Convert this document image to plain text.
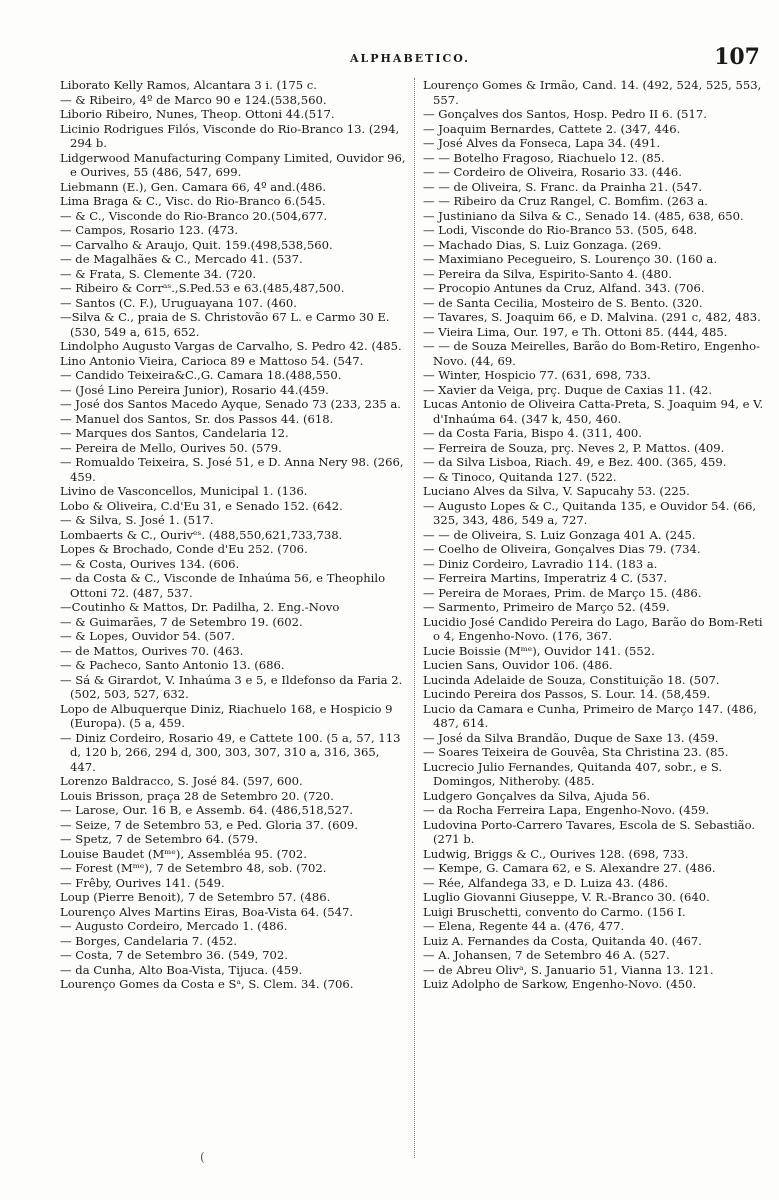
ALPHABETICO.	107

Liborato Kelly Ramos, Alcantara 3 i. (175 c.

— & Ribeiro, 4º de Marco 90 e 124.(538,560.

Liborio Ribeiro, Nunes, Theop. Ottoni 44.(517.

Licinio Rodrigues Filós, Visconde do Rio-Branco 13. (294, 294 b.

Lidgerwood Manufacturing Company Limited, Ouvidor 96, e Ourives, 55 (486, 547, 699.

Liebmann (E.), Gen. Camara 66, 4º and.(486.

Lima Braga & C., Visc. do Rio-Branco 6.(545.

— & C., Visconde do Rio-Branco 20.(504,677.

— Campos, Rosario 123. (473.

— Carvalho & Araujo, Quit. 159.(498,538,560.

— de Magalhães & C., Mercado 41. (537.

— & Frata, S. Clemente 34. (720.

— Ribeiro & Corrᵃˢ.,S.Ped.53 e 63.(485,487,500.

— Santos (C. F.), Uruguayana 107. (460.

—Silva & C., praia de S. Christovão 67 L. e Carmo 30 E. (530, 549 a, 615, 652.

Lindolpho Augusto Vargas de Carvalho, S. Pedro 42. (485.

Lino Antonio Vieira, Carioca 89 e Mattoso 54. (547.

— Candido Teixeira&C.,G. Camara 18.(488,550.

— (José Lino Pereira Junior), Rosario 44.(459.

— José dos Santos Macedo Ayque, Senado 73 (233, 235 a.

— Manuel dos Santos, Sr. dos Passos 44. (618.

— Marques dos Santos, Candelaria 12.

— Pereira de Mello, Ourives 50. (579.

— Romualdo Teixeira, S. José 51, e D. Anna Nery 98. (266, 459.

Livino de Vasconcellos, Municipal 1. (136.

Lobo & Oliveira, C.d'Eu 31, e Senado 152. (642.

— & Silva, S. José 1. (517.

Lombaerts & C., Ourivᵉˢ. (488,550,621,733,738.

Lopes & Brochado, Conde d'Eu 252. (706.

— & Costa, Ourives 134. (606.

— da Costa & C., Visconde de Inhaúma 56, e Theophilo Ottoni 72. (487, 537.

—Coutinho & Mattos, Dr. Padilha, 2. Eng.-Novo

— & Guimarães, 7 de Setembro 19. (602.

— & Lopes, Ouvidor 54. (507.

— de Mattos, Ourives 70. (463.

— & Pacheco, Santo Antonio 13. (686.

— Sá & Girardot, V. Inhaúma 3 e 5, e Ildefonso da Faria 2. (502, 503, 527, 632.

Lopo de Albuquerque Diniz, Riachuelo 168, e Hospicio 9 (Europa). (5 a, 459.

— Diniz Cordeiro, Rosario 49, e Cattete 100. (5 a, 57, 113 d, 120 b, 266, 294 d, 300, 303, 307, 310 a, 316, 365, 447.

Lorenzo Baldracco, S. José 84. (597, 600.

Louis Brisson, praça 28 de Setembro 20. (720.

— Larose, Our. 16 B, e Assemb. 64. (486,518,527.

— Seize, 7 de Setembro 53, e Ped. Gloria 37. (609.

— Spetz, 7 de Setembro 64. (579.

Louise Baudet (Mᵐᵉ), Assembléa 95. (702.

— Forest (Mᵐᵉ), 7 de Setembro 48, sob. (702.

— Frêby, Ourives 141. (549.

Loup (Pierre Benoit), 7 de Setembro 57. (486.

Lourenço Alves Martins Eiras, Boa-Vista 64. (547.

— Augusto Cordeiro, Mercado 1. (486.

— Borges, Candelaria 7. (452.

— Costa, 7 de Setembro 36. (549, 702.

— da Cunha, Alto Boa-Vista, Tijuca. (459.

Lourenço Gomes da Costa e Sᵃ, S. Clem. 34. (706.

Lourenço Gomes & Irmão, Cand. 14. (492, 524, 525, 553, 557.

— Gonçalves dos Santos, Hosp. Pedro II 6. (517.

— Joaquim Bernardes, Cattete 2. (347, 446.

— José Alves da Fonseca, Lapa 34. (491.

— — Botelho Fragoso, Riachuelo 12. (85.

— — Cordeiro de Oliveira, Rosario 33. (446.

— — de Oliveira, S. Franc. da Prainha 21. (547.

— — Ribeiro da Cruz Rangel, C. Bomfim. (263 a.

— Justiniano da Silva & C., Senado 14. (485, 638, 650.

— Lodi, Visconde do Rio-Branco 53. (505, 648.

— Machado Dias, S. Luiz Gonzaga. (269.

— Maximiano Pecegueiro, S. Lourenço 30. (160 a.

— Pereira da Silva, Espirito-Santo 4. (480.

— Procopio Antunes da Cruz, Alfand. 343. (706.

— de Santa Cecilia, Mosteiro de S. Bento. (320.

— Tavares, S. Joaquim 66, e D. Malvina. (291 c, 482, 483.

— Vieira Lima, Our. 197, e Th. Ottoni 85. (444, 485.

— — de Souza Meirelles, Barão do Bom-Retiro, Engenho-Novo. (44, 69.

— Winter, Hospicio 77. (631, 698, 733.

— Xavier da Veiga, prç. Duque de Caxias 11. (42.

Lucas Antonio de Oliveira Catta-Preta, S. Joaquim 94, e V. d'Inhaúma 64. (347 k, 450, 460.

— da Costa Faria, Bispo 4. (311, 400.

— Ferreira de Souza, prç. Neves 2, P. Mattos. (409.

— da Silva Lisboa, Riach. 49, e Bez. 400. (365, 459.

— & Tinoco, Quitanda 127. (522.

Luciano Alves da Silva, V. Sapucahy 53. (225.

— Augusto Lopes & C., Quitanda 135, e Ouvidor 54. (66, 325, 343, 486, 549 a, 727.

— — de Oliveira, S. Luiz Gonzaga 401 A. (245.

— Coelho de Oliveira, Gonçalves Dias 79. (734.

— Diniz Cordeiro, Lavradio 114. (183 a.

— Ferreira Martins, Imperatriz 4 C. (537.

— Pereira de Moraes, Prim. de Março 15. (486.

— Sarmento, Primeiro de Março 52. (459.

Lucidio José Candido Pereira do Lago, Barão do Bom-Reti o 4, Engenho-Novo. (176, 367.

Lucie Boissie (Mᵐᵉ), Ouvidor 141. (552.

Lucien Sans, Ouvidor 106. (486.

Lucinda Adelaide de Souza, Constituição 18. (507.

Lucindo Pereira dos Passos, S. Lour. 14. (58,459.

Lucio da Camara e Cunha, Primeiro de Março 147. (486, 487, 614.

— José da Silva Brandão, Duque de Saxe 13. (459.

— Soares Teixeira de Gouvêa, Sta Christina 23. (85.

Lucrecio Julio Fernandes, Quitanda 407, sobr., e S. Domingos, Nitheroby. (485.

Ludgero Gonçalves da Silva, Ajuda 56.

— da Rocha Ferreira Lapa, Engenho-Novo. (459.

Ludovina Porto-Carrero Tavares, Escola de S. Sebastião. (271 b.

Ludwig, Briggs & C., Ourives 128. (698, 733.

— Kempe, G. Camara 62, e S. Alexandre 27. (486.

— Rée, Alfandega 33, e D. Luiza 43. (486.

Luglio Giovanni Giuseppe, V. R.-Branco 30. (640.

Luigi Bruschetti, convento do Carmo. (156 I.

— Elena, Regente 44 a. (476, 477.

Luiz A. Fernandes da Costa, Quitanda 40. (467.

— A. Johansen, 7 de Setembro 46 A. (527.

— de Abreu Olivᵃ, S. Januario 51, Vianna 13. 121.

Luiz Adolpho de Sarkow, Engenho-Novo. (450.

(
